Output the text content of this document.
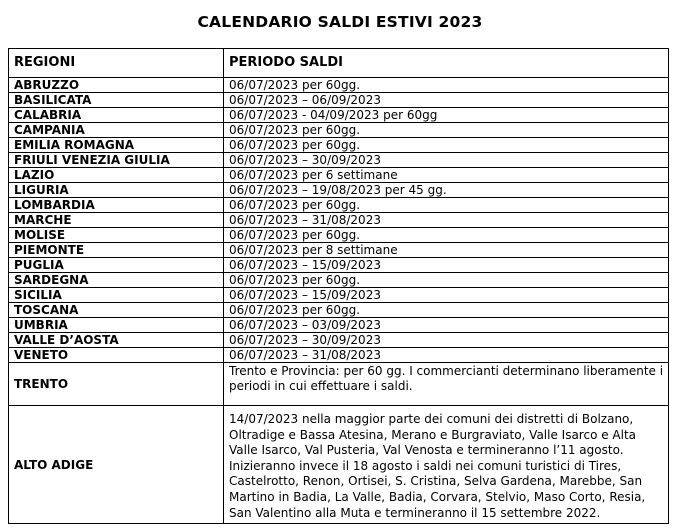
CALENDARIO SALDI ESTIVI 2023
REGIONI	PERIODO SALDI
ABRUZZO	06/07/2023 per 60gg.
BASILICATA	06/07/2023 – 06/09/2023
CALABRIA	06/07/2023 - 04/09/2023 per 60gg
CAMPANIA	06/07/2023 per 60gg.
EMILIA ROMAGNA	06/07/2023 per 60gg.
FRIULI VENEZIA GIULIA	06/07/2023 – 30/09/2023
LAZIO	06/07/2023 per 6 settimane
LIGURIA	06/07/2023 – 19/08/2023 per 45 gg.
LOMBARDIA	06/07/2023 per 60gg.
MARCHE	06/07/2023 – 31/08/2023
MOLISE	06/07/2023 per 60gg.
PIEMONTE	06/07/2023 per 8 settimane
PUGLIA	06/07/2023 – 15/09/2023
SARDEGNA	06/07/2023 per 60gg.
SICILIA	06/07/2023 – 15/09/2023
TOSCANA	06/07/2023 per 60gg.
UMBRIA	06/07/2023 – 03/09/2023
VALLE D’AOSTA	06/07/2023 – 30/09/2023
VENETO	06/07/2023 – 31/08/2023
TRENTO	Trento e Provincia: per 60 gg. I commercianti determinano liberamente i periodi in cui effettuare i saldi.
ALTO ADIGE	14/07/2023 nella maggior parte dei comuni dei distretti di Bolzano, Oltradige e Bassa Atesina, Merano e Burgraviato, Valle Isarco e Alta Valle Isarco, Val Pusteria, Val Venosta e termineranno l’11 agosto. Inizieranno invece il 18 agosto i saldi nei comuni turistici di Tires, Castelrotto, Renon, Ortisei, S. Cristina, Selva Gardena, Marebbe, San Martino in Badia, La Valle, Badia, Corvara, Stelvio, Maso Corto, Resia, San Valentino alla Muta e termineranno il 15 settembre 2022.
